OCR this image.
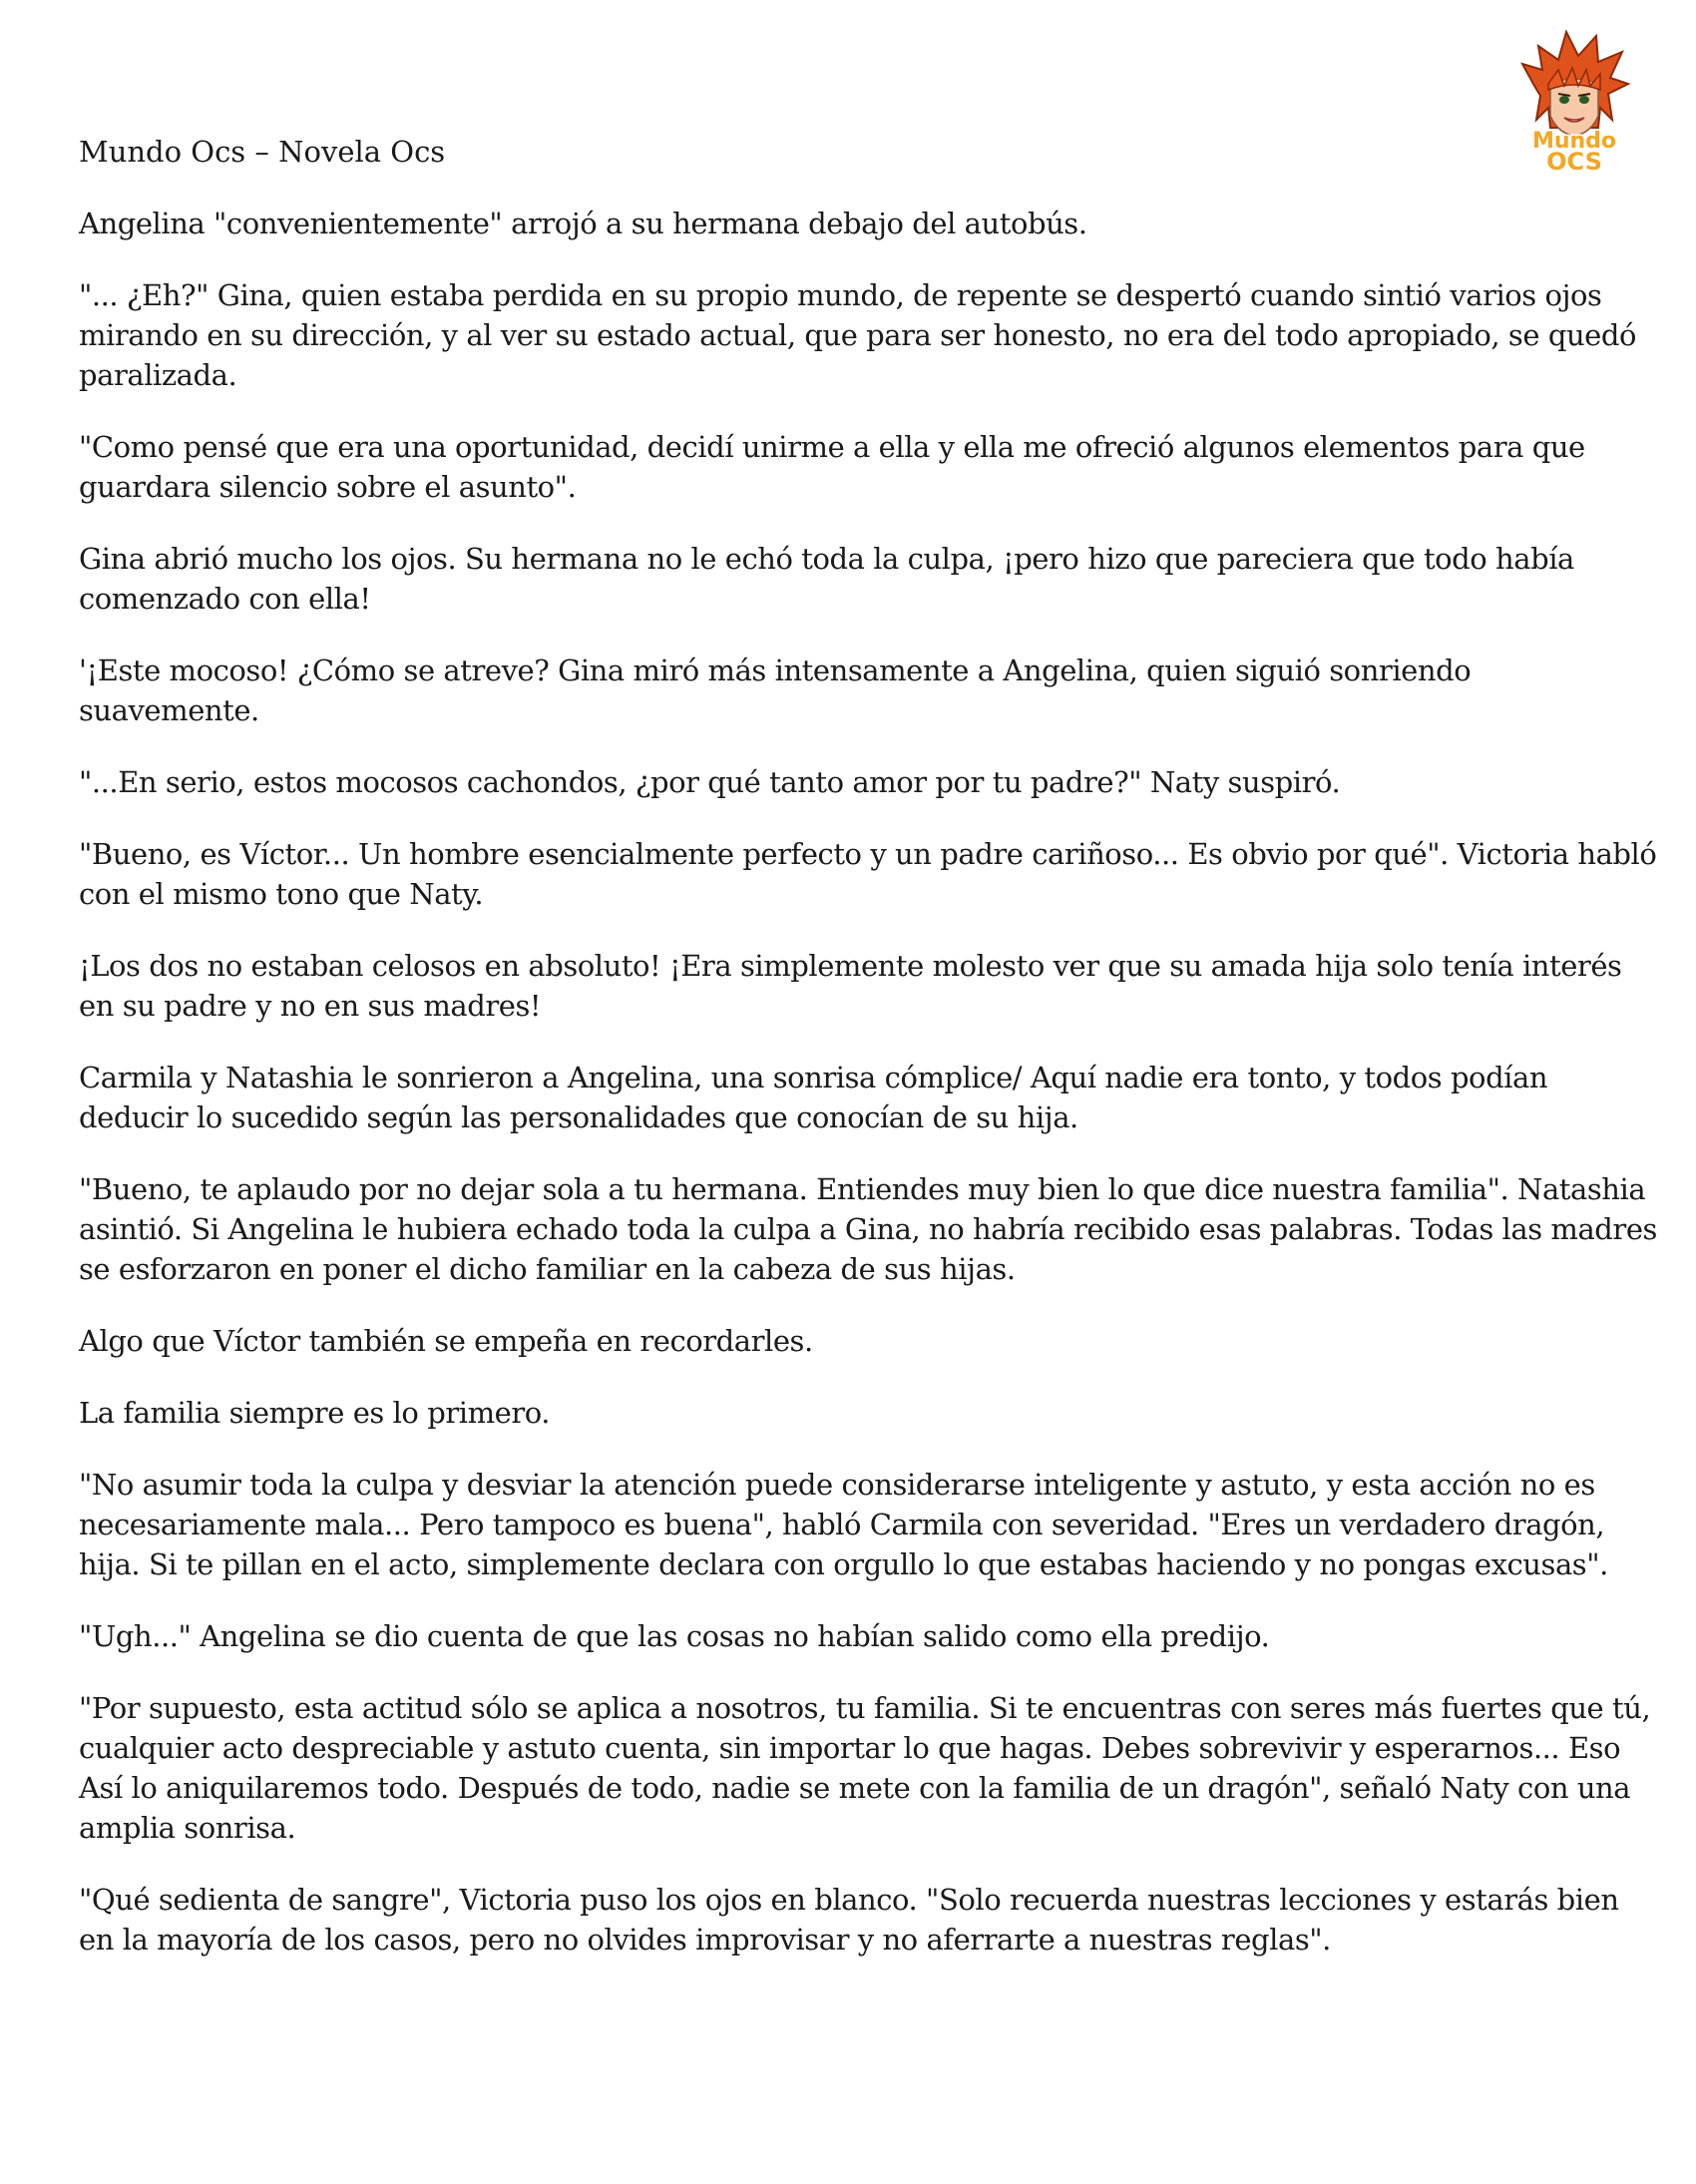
Mundo Ocs – Novela Ocs	Mundo
OCS

Angelina "convenientemente" arrojó a su hermana debajo del autobús.

"... ¿Eh?" Gina, quien estaba perdida en su propio mundo, de repente se despertó cuando sintió varios ojos mirando en su dirección, y al ver su estado actual, que para ser honesto, no era del todo apropiado, se quedó paralizada.

"Como pensé que era una oportunidad, decidí unirme a ella y ella me ofreció algunos elementos para que guardara silencio sobre el asunto".

Gina abrió mucho los ojos. Su hermana no le echó toda la culpa, ¡pero hizo que pareciera que todo había comenzado con ella!

'¡Este mocoso! ¿Cómo se atreve? Gina miró más intensamente a Angelina, quien siguió sonriendo suavemente.

"...En serio, estos mocosos cachondos, ¿por qué tanto amor por tu padre?" Naty suspiró.

"Bueno, es Víctor... Un hombre esencialmente perfecto y un padre cariñoso... Es obvio por qué". Victoria habló con el mismo tono que Naty.

¡Los dos no estaban celosos en absoluto! ¡Era simplemente molesto ver que su amada hija solo tenía interés en su padre y no en sus madres!

Carmila y Natashia le sonrieron a Angelina, una sonrisa cómplice/ Aquí nadie era tonto, y todos podían deducir lo sucedido según las personalidades que conocían de su hija.

"Bueno, te aplaudo por no dejar sola a tu hermana. Entiendes muy bien lo que dice nuestra familia". Natashia asintió. Si Angelina le hubiera echado toda la culpa a Gina, no habría recibido esas palabras. Todas las madres se esforzaron en poner el dicho familiar en la cabeza de sus hijas.

Algo que Víctor también se empeña en recordarles.

La familia siempre es lo primero.

"No asumir toda la culpa y desviar la atención puede considerarse inteligente y astuto, y esta acción no es necesariamente mala... Pero tampoco es buena", habló Carmila con severidad. "Eres un verdadero dragón, hija. Si te pillan en el acto, simplemente declara con orgullo lo que estabas haciendo y no pongas excusas".

"Ugh..." Angelina se dio cuenta de que las cosas no habían salido como ella predijo.

"Por supuesto, esta actitud sólo se aplica a nosotros, tu familia. Si te encuentras con seres más fuertes que tú, cualquier acto despreciable y astuto cuenta, sin importar lo que hagas. Debes sobrevivir y esperarnos... Eso Así lo aniquilaremos todo. Después de todo, nadie se mete con la familia de un dragón", señaló Naty con una amplia sonrisa.

"Qué sedienta de sangre", Victoria puso los ojos en blanco. "Solo recuerda nuestras lecciones y estarás bien en la mayoría de los casos, pero no olvides improvisar y no aferrarte a nuestras reglas".
